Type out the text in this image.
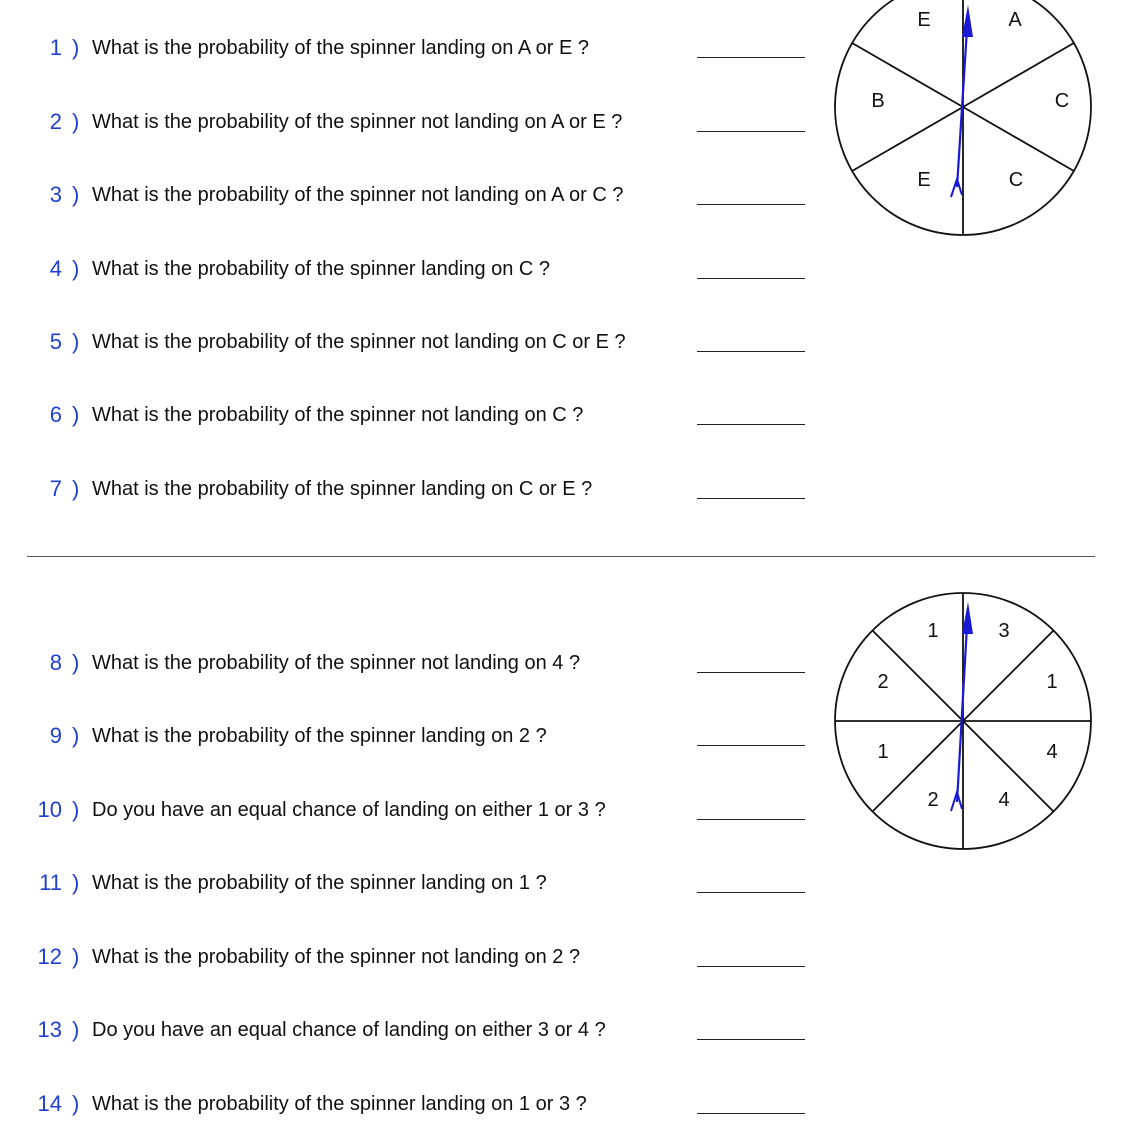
1 ) What is the probability of the spinner landing on A or E ?
2 ) What is the probability of the spinner not landing on A or E ?
3 ) What is the probability of the spinner not landing on A or C ?
4 ) What is the probability of the spinner landing on C ?
5 ) What is the probability of the spinner not landing on C or E ?
6 ) What is the probability of the spinner not landing on C ?
7 ) What is the probability of the spinner landing on C or E ?
8 ) What is the probability of the spinner not landing on 4 ?
9 ) What is the probability of the spinner landing on 2 ?
10 ) Do you have an equal chance of landing on either 1 or 3 ?
11 ) What is the probability of the spinner landing on 1 ?
12 ) What is the probability of the spinner not landing on 2 ?
13 ) Do you have an equal chance of landing on either 3 or 4 ?
14 ) What is the probability of the spinner landing on 1 or 3 ?
A
C
C
E
B
E
3
1
4
4
2
1
2
1
